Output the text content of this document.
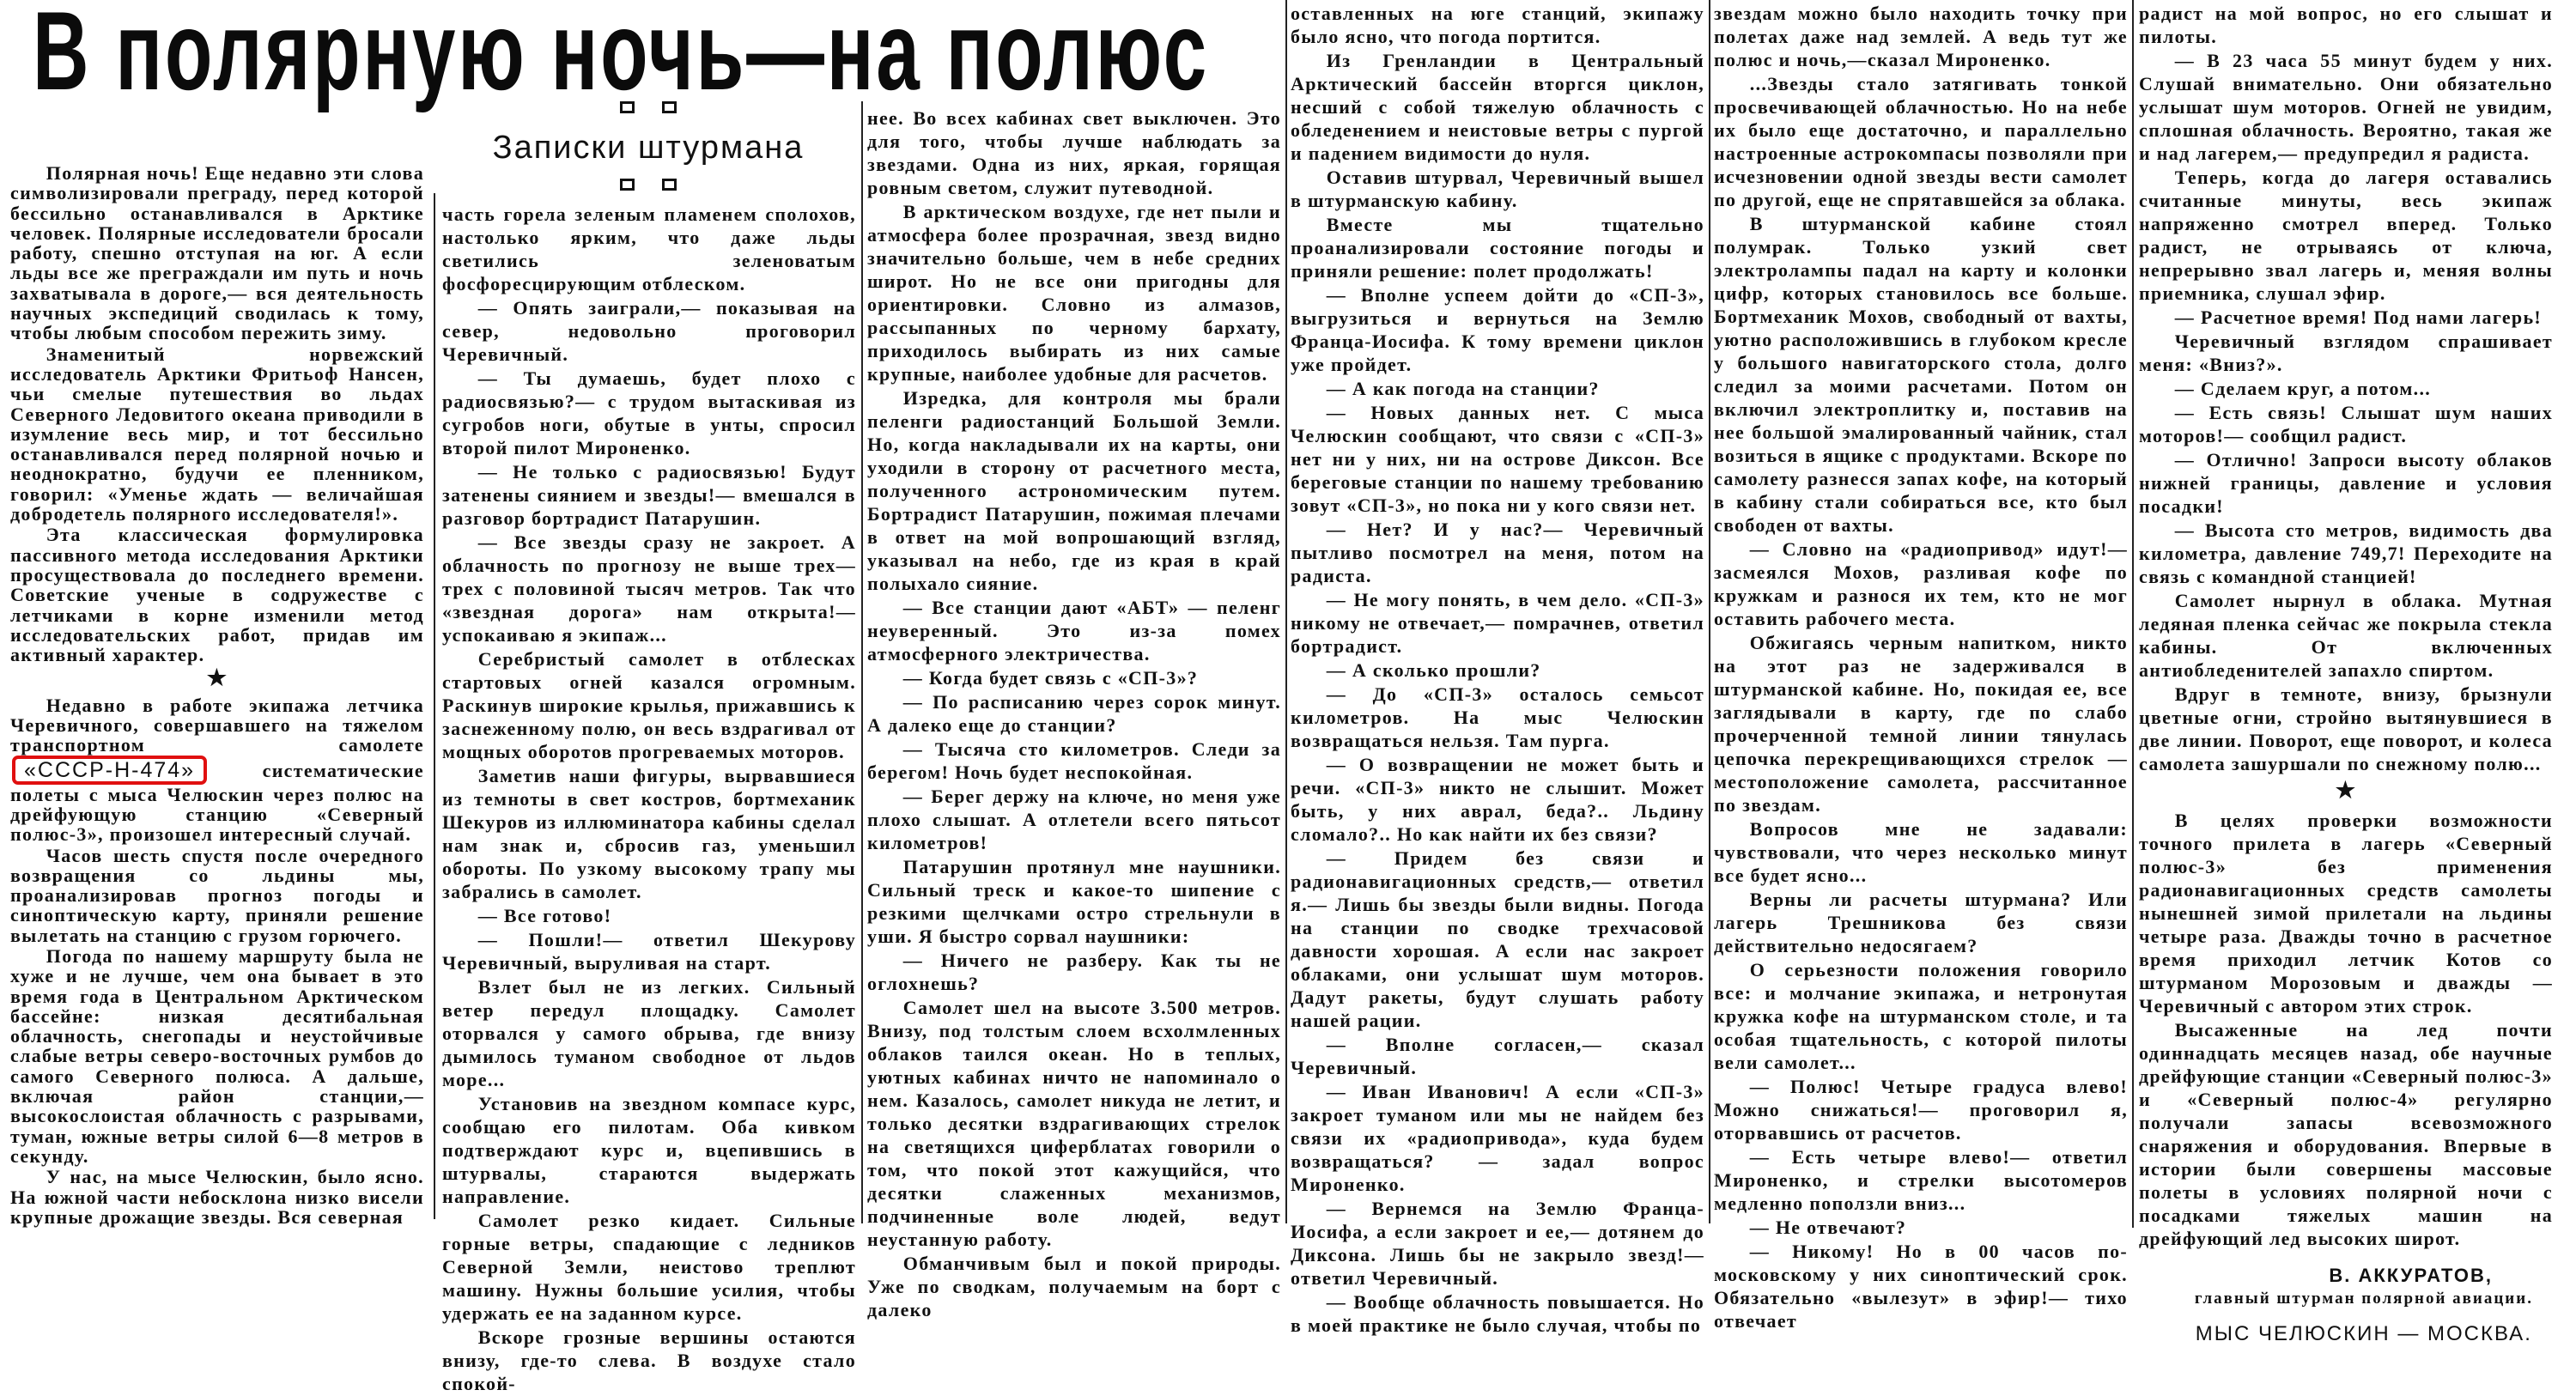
В полярную ночь—на полюс
Записки штурмана

Полярная ночь! Еще недавно эти слова символизировали преграду, перед которой бессильно останавливался в Арктике человек. Полярные исследователи бросали работу, спешно отступая на юг. А если льды все же преграждали им путь и ночь захватывала в дороге,— вся деятельность научных экспедиций сводилась к тому, чтобы любым способом пережить зиму.

Знаменитый норвежский исследователь Арктики Фритьоф Нансен, чьи смелые путешествия во льдах Северного Ледовитого океана приводили в изумление весь мир, и тот бессильно останавливался перед полярной ночью и неоднократно, будучи ее пленником, говорил: «Уменье ждать — величайшая добродетель полярного исследователя!».

Эта классическая формулировка пассивного метода исследования Арктики просуществовала до последнего времени. Советские ученые в содружестве с летчиками в корне изменили метод исследовательских работ, придав им активный характер.

★

Недавно в работе экипажа летчика Черевичного, совершавшего на тяжелом транспортном самолете «СССР-Н-474»	систематические полеты с мыса Челюскин через полюс на дрейфующую станцию «Северный полюс-3», произошел интересный случай.

Часов шесть спустя после очередного возвращения со льдины мы, проанализировав прогноз погоды и синоптическую карту, приняли решение вылетать на станцию с грузом горючего.

Погода по нашему маршруту была не хуже и не лучше, чем она бывает в это время года в Центральном Арктическом бассейне: низкая десятибальная облачность, снегопады и неустойчивые слабые ветры северо-восточных румбов до самого Северного полюса. А дальше, включая район станции,— высокослоистая облачность с разрывами, туман, южные ветры силой 6—8 метров в секунду.

У нас, на мысе Челюскин, было ясно. На южной части небосклона низко висели крупные дрожащие звезды. Вся северная

часть горела зеленым пламенем сполохов, настолько ярким, что даже льды светились зеленоватым фосфоресцирующим отблеском.

— Опять заиграли,— показывая на север, недовольно проговорил Черевичный.

— Ты думаешь, будет плохо с радиосвязью?— с трудом вытаскивая из сугробов ноги, обутые в унты, спросил второй пилот Мироненко.

— Не только с радиосвязью! Будут затенены сиянием и звезды!— вмешался в разговор бортрадист Патарушин.

— Все звезды сразу не закроет. А облачность по прогнозу не выше трех—трех с половиной тысяч метров. Так что «звездная дорога» нам открыта!— успокаиваю я экипаж...

Серебристый самолет в отблесках стартовых огней казался огромным. Раскинув широкие крылья, прижавшись к заснеженному полю, он весь вздрагивал от мощных оборотов прогреваемых моторов.

Заметив наши фигуры, вырвавшиеся из темноты в свет костров, бортмеханик Шекуров из иллюминатора кабины сделал нам знак и, сбросив газ, уменьшил обороты. По узкому высокому трапу мы забрались в самолет.

— Все готово!

— Пошли!— ответил Шекурову Черевичный, выруливая на старт.

Взлет был не из легких. Сильный ветер передул площадку. Самолет оторвался у самого обрыва, где внизу дымилось туманом свободное от льдов море...

Установив на звездном компасе курс, сообщаю его пилотам. Оба кивком подтверждают курс и, вцепившись в штурвалы, стараются выдержать направление.

Самолет резко кидает. Сильные горные ветры, спадающие с ледников Северной Земли, неистово треплют машину. Нужны большие усилия, чтобы удержать ее на заданном курсе.

Вскоре грозные вершины остаются внизу, где-то слева. В воздухе стало спокой-

нее. Во всех кабинах свет выключен. Это для того, чтобы лучше наблюдать за звездами. Одна из них, яркая, горящая ровным светом, служит путеводной.

В арктическом воздухе, где нет пыли и атмосфера более прозрачная, звезд видно значительно больше, чем в небе средних широт. Но не все они пригодны для ориентировки. Словно из алмазов, рассыпанных по черному бархату, приходилось выбирать из них самые крупные, наиболее удобные для расчетов.

Изредка, для контроля мы брали пеленги радиостанций Большой Земли. Но, когда накладывали их на карты, они уходили в сторону от расчетного места, полученного астрономическим путем. Бортрадист Патарушин, пожимая плечами в ответ на мой вопрошающий взгляд, указывал на небо, где из края в край полыхало сияние.

— Все станции дают «АБТ» — пеленг неуверенный. Это из-за помех атмосферного электричества.

— Когда будет связь с «СП-3»?

— По расписанию через сорок минут. А далеко еще до станции?

— Тысяча сто километров. Следи за берегом! Ночь будет неспокойная.

— Берег держу на ключе, но меня уже плохо слышат. А отлетели всего пятьсот километров!

Патарушин протянул мне наушники. Сильный треск и какое-то шипение с резкими щелчками остро стрельнули в уши. Я быстро сорвал наушники:

— Ничего не разберу. Как ты не оглохнешь?

Самолет шел на высоте 3.500 метров. Внизу, под толстым слоем всхолмленных облаков таился океан. Но в теплых, уютных кабинах ничто не напоминало о нем. Казалось, самолет никуда не летит, и только десятки вздрагивающих стрелок на светящихся циферблатах говорили о том, что покой этот кажущийся, что десятки слаженных механизмов, подчиненные воле людей, ведут неустанную работу.

Обманчивым был и покой природы. Уже по сводкам, получаемым на борт с далеко

оставленных на юге станций, экипажу было ясно, что погода портится.

Из Гренландии в Центральный Арктический бассейн вторгся циклон, несший с собой тяжелую облачность с обледенением и неистовые ветры с пургой и падением видимости до нуля.

Оставив штурвал, Черевичный вышел в штурманскую кабину.

Вместе мы тщательно проанализировали состояние погоды и приняли решение: полет продолжать!

— Вполне успеем дойти до «СП-3», выгрузиться и вернуться на Землю Франца-Иосифа. К тому времени циклон уже пройдет.

— А как погода на станции?

— Новых данных нет. С мыса Челюскин сообщают, что связи с «СП-3» нет ни у них, ни на острове Диксон. Все береговые станции по нашему требованию зовут «СП-3», но пока ни у кого связи нет.

— Нет? И у нас?— Черевичный пытливо посмотрел на меня, потом на радиста.

— Не могу понять, в чем дело. «СП-3» никому не отвечает,— помрачнев, ответил бортрадист.

— А сколько прошли?

— До «СП-3» осталось семьсот километров. На мыс Челюскин возвращаться нельзя. Там пурга.

— О возвращении не может быть и речи. «СП-3» никто не слышит. Может быть, у них аврал, беда?.. Льдину сломало?.. Но как найти их без связи?

— Придем без связи и радионавигационных средств,— ответил я.— Лишь бы звезды были видны. Погода на станции по сводке трехчасовой давности хорошая. А если нас закроет облаками, они услышат шум моторов. Дадут ракеты, будут слушать работу нашей рации.

— Вполне согласен,— сказал Черевичный.

— Иван Иванович! А если «СП-3» закроет туманом или мы не найдем без связи их «радиопривода», куда будем возвращаться? — задал вопрос Мироненко.

— Вернемся на Землю Франца-Иосифа, а если закроет и ее,— дотянем до Диксона. Лишь бы не закрыло звезд!— ответил Черевичный.

— Вообще облачность повышается. Но в моей практике не было случая, чтобы по

звездам можно было находить точку при полетах даже над землей. А ведь тут же полюс и ночь,—сказал Мироненко.

...Звезды стало затягивать тонкой просвечивающей облачностью. Но на небе их было еще достаточно, и параллельно настроенные астрокомпасы позволяли при исчезновении одной звезды вести самолет по другой, еще не спрятавшейся за облака.

В штурманской кабине стоял полумрак. Только узкий свет электролампы падал на карту и колонки цифр, которых становилось все больше. Бортмеханик Мохов, свободный от вахты, уютно расположившись в глубоком кресле у большого навигаторского стола, долго следил за моими расчетами. Потом он включил электроплитку и, поставив на нее большой эмалированный чайник, стал возиться в ящике с продуктами. Вскоре по самолету разнесся запах кофе, на который в кабину стали собираться все, кто был свободен от вахты.

— Словно на «радиопривод» идут!— засмеялся Мохов, разливая кофе по кружкам и разнося их тем, кто не мог оставить рабочего места.

Обжигаясь черным напитком, никто на этот раз не задерживался в штурманской кабине. Но, покидая ее, все заглядывали в карту, где по слабо прочерченной темной линии тянулась цепочка перекрещивающихся стрелок — местоположение самолета, рассчитанное по звездам.

Вопросов мне не задавали: чувствовали, что через несколько минут все будет ясно...

Верны ли расчеты штурмана? Или лагерь Трешникова без связи действительно недосягаем?

О серьезности положения говорило все: и молчание экипажа, и нетронутая кружка кофе на штурманском столе, и та особая тщательность, с которой пилоты вели самолет...

— Полюс! Четыре градуса влево! Можно снижаться!— проговорил я, оторвавшись от расчетов.

— Есть четыре влево!— ответил Мироненко, и стрелки высотомеров медленно поползли вниз...

— Не отвечают?

— Никому! Но в 00 часов по-московскому у них синоптический срок. Обязательно «вылезут» в эфир!— тихо отвечает

радист на мой вопрос, но его слышат и пилоты.

— В 23 часа 55 минут будем у них. Слушай внимательно. Они обязательно услышат шум моторов. Огней не увидим, сплошная облачность. Вероятно, такая же и над лагерем,— предупредил я радиста.

Теперь, когда до лагеря оставались считанные минуты, весь экипаж напряженно смотрел вперед. Только радист, не отрываясь от ключа, непрерывно звал лагерь и, меняя волны приемника, слушал эфир.

— Расчетное время! Под нами лагерь!

Черевичный взглядом спрашивает меня: «Вниз?».

— Сделаем круг, а потом...

— Есть связь! Слышат шум наших моторов!— сообщил радист.

— Отлично! Запроси высоту облаков нижней границы, давление и условия посадки!

— Высота сто метров, видимость два километра, давление 749,7! Переходите на связь с командной станцией!

Самолет нырнул в облака. Мутная ледяная пленка сейчас же покрыла стекла кабины. От включенных антиобледенителей запахло спиртом.

Вдруг в темноте, внизу, брызнули цветные огни, стройно вытянувшиеся в две линии. Поворот, еще поворот, и колеса самолета зашуршали по снежному полю...

★

В целях проверки возможности точного прилета в лагерь «Северный полюс-3» без применения радионавигационных средств самолеты нынешней зимой прилетали на льдины четыре раза. Дважды точно в расчетное время приходил летчик Котов со штурманом Морозовым и дважды — Черевичный с автором этих строк.

Высаженные на лед почти одиннадцать месяцев назад, обе научные дрейфующие станции «Северный полюс-3» и «Северный полюс-4» регулярно получали запасы всевозможного снаряжения и оборудования. Впервые в истории были совершены массовые полеты в условиях полярной ночи с посадками тяжелых машин на дрейфующий лед высоких широт.

В. АККУРАТОВ,
главный штурман полярной авиации.
МЫС ЧЕЛЮСКИН — МОСКВА.
